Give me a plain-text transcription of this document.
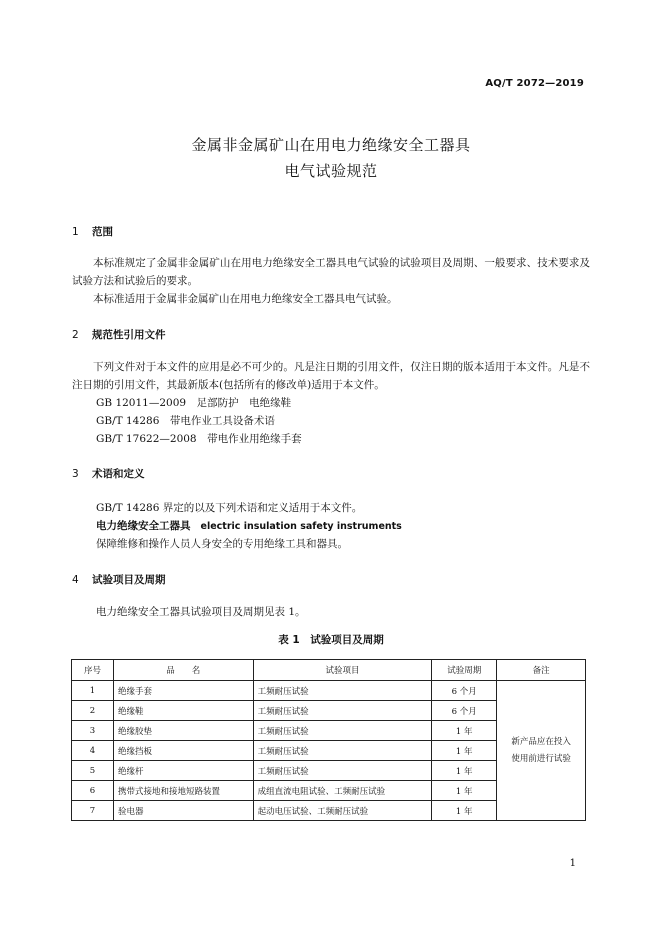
AQ/T 2072—2019
金属非金属矿山在用电力绝缘安全工器具
电气试验规范
1 范围

本标准规定了金属非金属矿山在用电力绝缘安全工器具电气试验的试验项目及周期、一般要求、技术要求及试验方法和试验后的要求。

本标准适用于金属非金属矿山在用电力绝缘安全工器具电气试验。

2 规范性引用文件

下列文件对于本文件的应用是必不可少的。凡是注日期的引用文件，仅注日期的版本适用于本文件。凡是不注日期的引用文件，其最新版本(包括所有的修改单)适用于本文件。

GB 12011—2009　足部防护　电绝缘鞋
GB/T 14286　带电作业工具设备术语
GB/T 17622—2008　带电作业用绝缘手套
3 术语和定义
GB/T 14286 界定的以及下列术语和定义适用于本文件。
电力绝缘安全工器具 electric insulation safety instruments
保障维修和操作人员人身安全的专用绝缘工具和器具。
4 试验项目及周期
电力绝缘安全工器具试验项目及周期见表 1。
表 1　试验项目及周期
序号	品　　名	试验项目	试验周期	备注
1	绝缘手套	工频耐压试验	6 个月	新产品应在投入
使用前进行试验

2	绝缘鞋	工频耐压试验	6 个月	
3	绝缘胶垫	工频耐压试验	1 年	
4	绝缘挡板	工频耐压试验	1 年	
5	绝缘杆	工频耐压试验	1 年	
6	携带式接地和接地短路装置	成组直流电阻试验、工频耐压试验	1 年	
7	验电器	起动电压试验、工频耐压试验	1 年	
1
